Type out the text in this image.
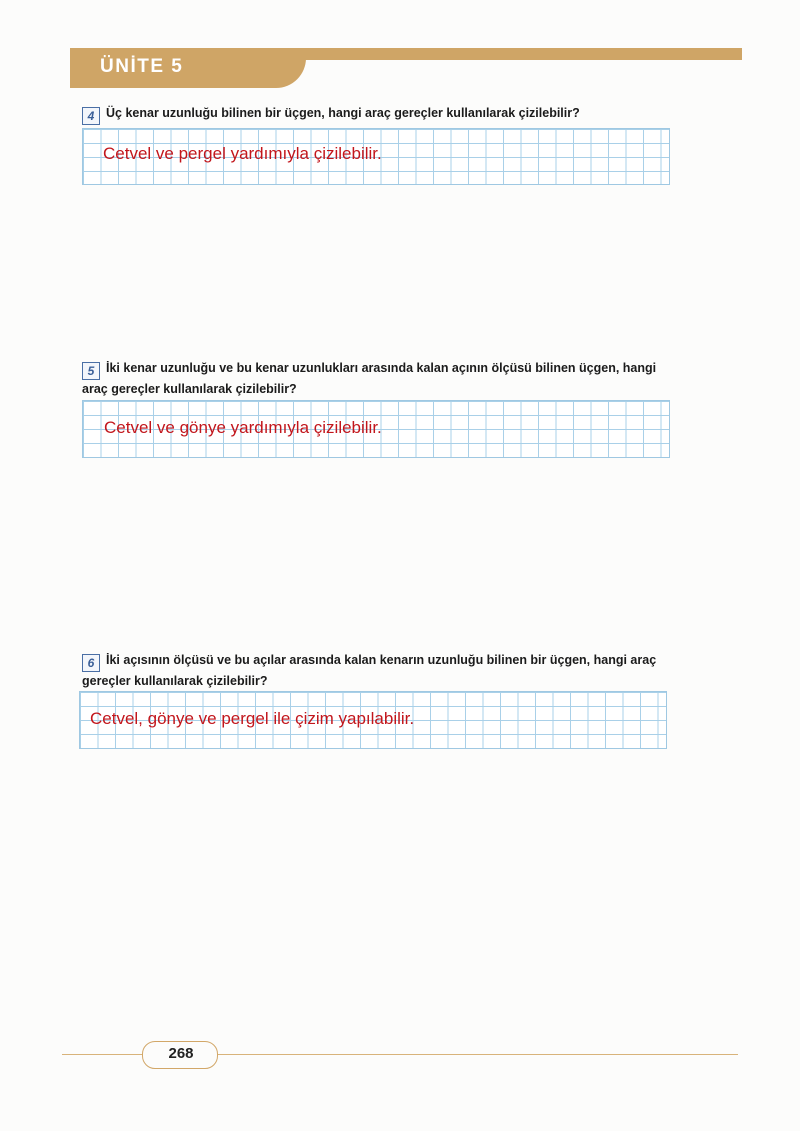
ÜNİTE 5
4 Üç kenar uzunluğu bilinen bir üçgen, hangi araç gereçler kullanılarak çizilebilir?
Cetvel ve pergel yardımıyla çizilebilir.
5 İki kenar uzunluğu ve bu kenar uzunlukları arasında kalan açının ölçüsü bilinen üçgen, hangi araç gereçler kullanılarak çizilebilir?
Cetvel ve gönye yardımıyla çizilebilir.
6 İki açısının ölçüsü ve bu açılar arasında kalan kenarın uzunluğu bilinen bir üçgen, hangi araç gereçler kullanılarak çizilebilir?
Cetvel, gönye ve pergel ile çizim yapılabilir.
268
